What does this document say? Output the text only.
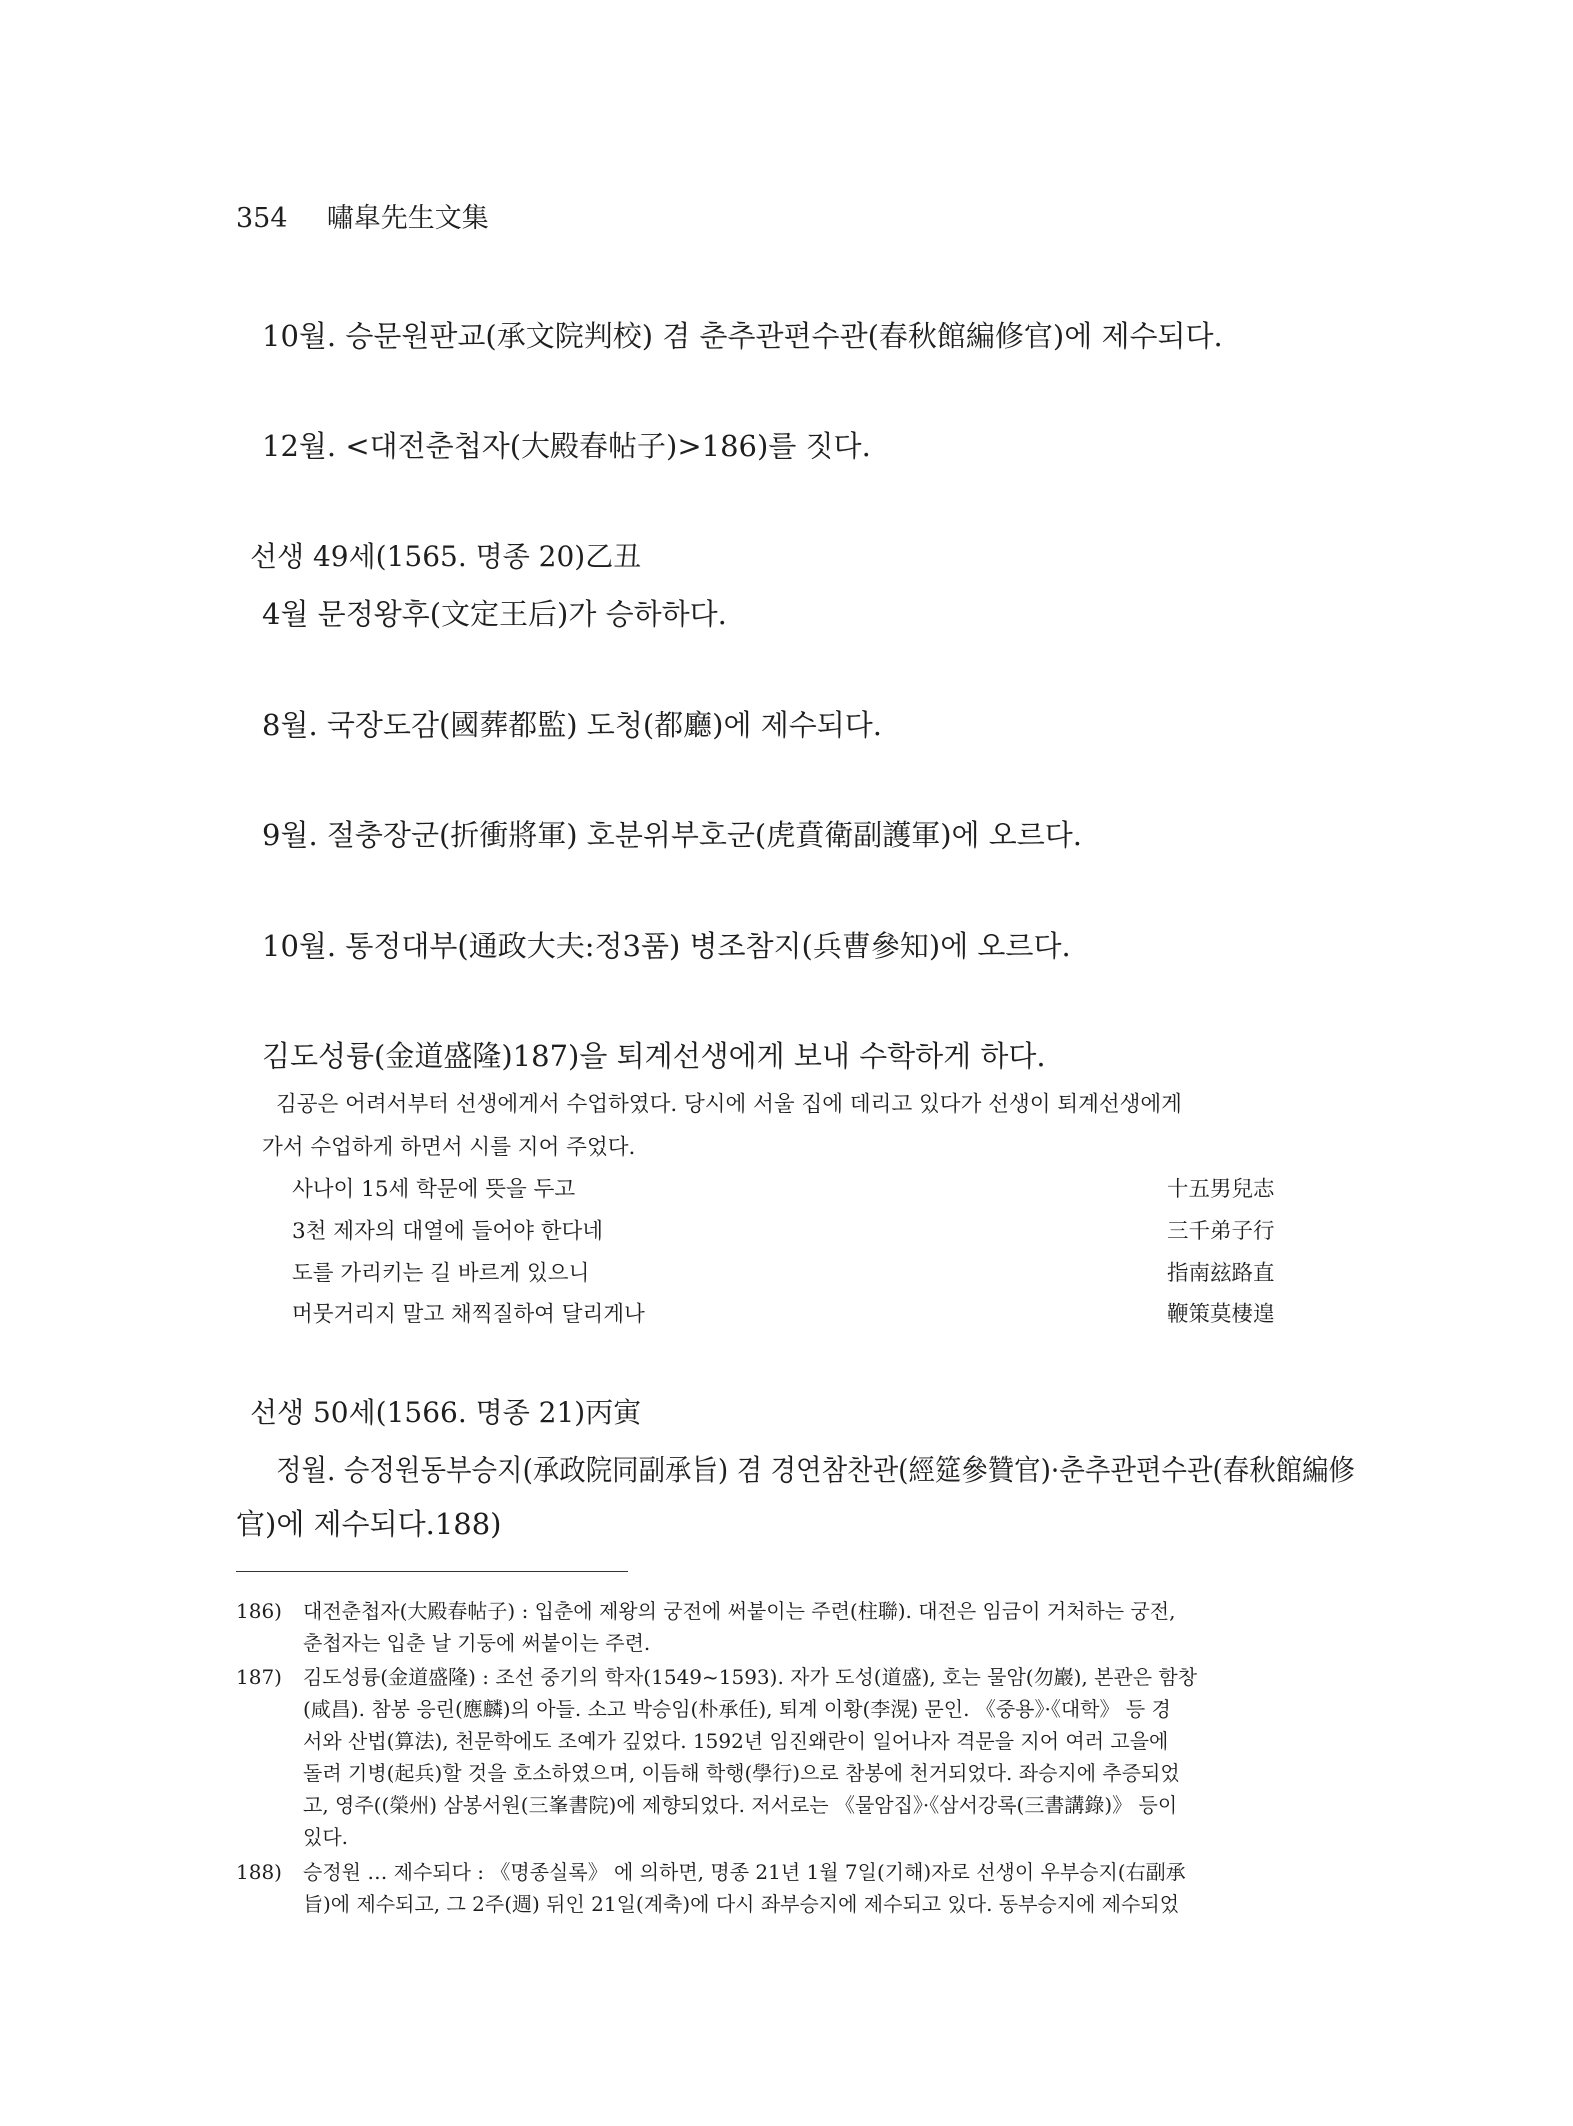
354 嘯皐先生文集
10월. 승문원판교(承文院判校) 겸 춘추관편수관(春秋館編修官)에 제수되다.
12월. <대전춘첩자(大殿春帖子)>186)를 짓다.
선생 49세(1565. 명종 20)乙丑
4월 문정왕후(文定王后)가 승하하다.
8월. 국장도감(國葬都監) 도청(都廳)에 제수되다.
9월. 절충장군(折衝將軍) 호분위부호군(虎賁衛副護軍)에 오르다.
10월. 통정대부(通政大夫:정3품) 병조참지(兵曹參知)에 오르다.
김도성륭(金道盛隆)187)을 퇴계선생에게 보내 수학하게 하다.
김공은 어려서부터 선생에게서 수업하였다. 당시에 서울 집에 데리고 있다가 선생이 퇴계선생에게
가서 수업하게 하면서 시를 지어 주었다.
사나이 15세 학문에 뜻을 두고	十五男兒志
3천 제자의 대열에 들어야 한다네	三千弟子行
도를 가리키는 길 바르게 있으니	指南玆路直
머뭇거리지 말고 채찍질하여 달리게나	鞭策莫棲遑
선생 50세(1566. 명종 21)丙寅
정월. 승정원동부승지(承政院同副承旨) 겸 경연참찬관(經筵參贊官)·춘추관편수관(春秋館編修
官)에 제수되다.188)
186) 대전춘첩자(大殿春帖子) : 입춘에 제왕의 궁전에 써붙이는 주련(柱聯). 대전은 임금이 거처하는 궁전,
춘첩자는 입춘 날 기둥에 써붙이는 주련.
187) 김도성륭(金道盛隆) : 조선 중기의 학자(1549~1593). 자가 도성(道盛), 호는 물암(勿巖), 본관은 함창
(咸昌). 참봉 응린(應麟)의 아들. 소고 박승임(朴承任), 퇴계 이황(李滉) 문인. 《중용》·《대학》 등 경
서와 산법(算法), 천문학에도 조예가 깊었다. 1592년 임진왜란이 일어나자 격문을 지어 여러 고을에
돌려 기병(起兵)할 것을 호소하였으며, 이듬해 학행(學行)으로 참봉에 천거되었다. 좌승지에 추증되었
고, 영주((榮州) 삼봉서원(三峯書院)에 제향되었다. 저서로는 《물암집》·《삼서강록(三書講錄)》 등이
있다.
188) 승정원 … 제수되다 : 《명종실록》 에 의하면, 명종 21년 1월 7일(기해)자로 선생이 우부승지(右副承
旨)에 제수되고, 그 2주(週) 뒤인 21일(계축)에 다시 좌부승지에 제수되고 있다. 동부승지에 제수되었
